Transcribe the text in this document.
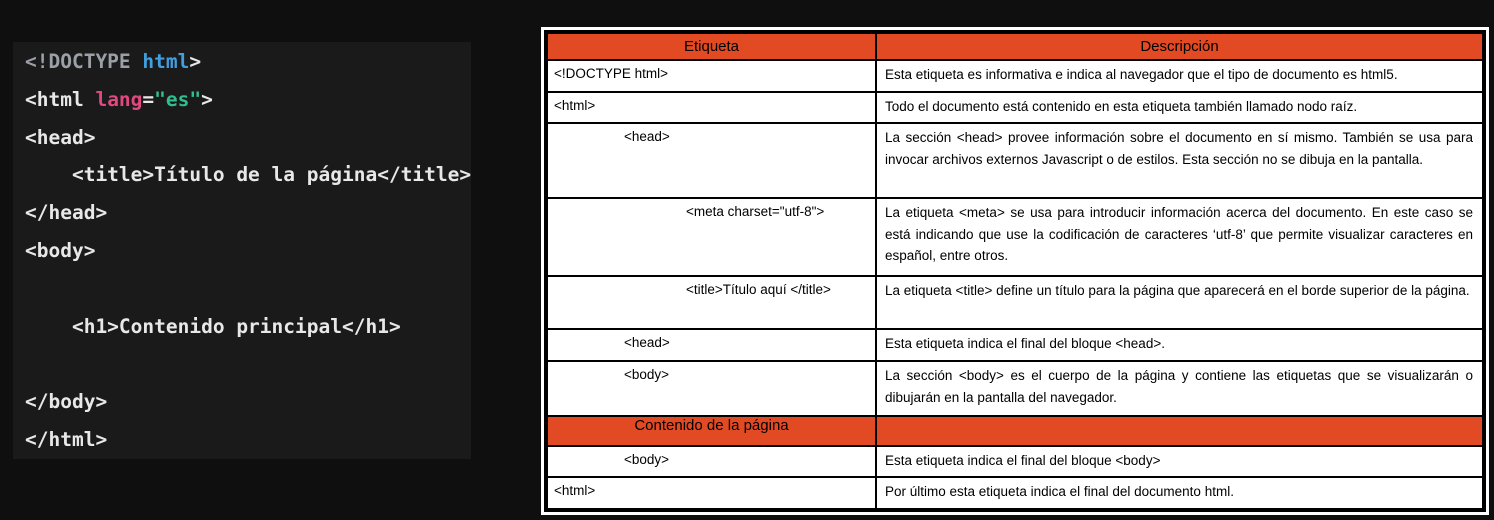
<!DOCTYPE html>
<html lang="es">
<head>
<title>Título de la página</title>
</head>
<body>
<h1>Contenido principal</h1>
</body>
</html>
Etiqueta	Descripción
<!DOCTYPE html>	Esta etiqueta es informativa e indica al navegador que el tipo de documento es html5.
<html>	Todo el documento está contenido en esta etiqueta también llamado nodo raíz.
<head>	La sección <head> provee información sobre el documento en sí mismo. También se usa para invocar archivos externos Javascript o de estilos. Esta sección no se dibuja en la pantalla.
<meta charset="utf-8">	La etiqueta <meta> se usa para introducir información acerca del documento. En este caso se está indicando que use la codificación de caracteres ‘utf-8’ que permite visualizar caracteres en español, entre otros.
<title>Título aquí </title>	La etiqueta <title> define un título para la página que aparecerá en el borde superior de la página.
<head>	Esta etiqueta indica el final del bloque <head>.
<body>	La sección <body> es el cuerpo de la página y contiene las etiquetas que se visualizarán o dibujarán en la pantalla del navegador.
Contenido de la página	
<body>	Esta etiqueta indica el final del bloque <body>
<html>	Por último esta etiqueta indica el final del documento html.
